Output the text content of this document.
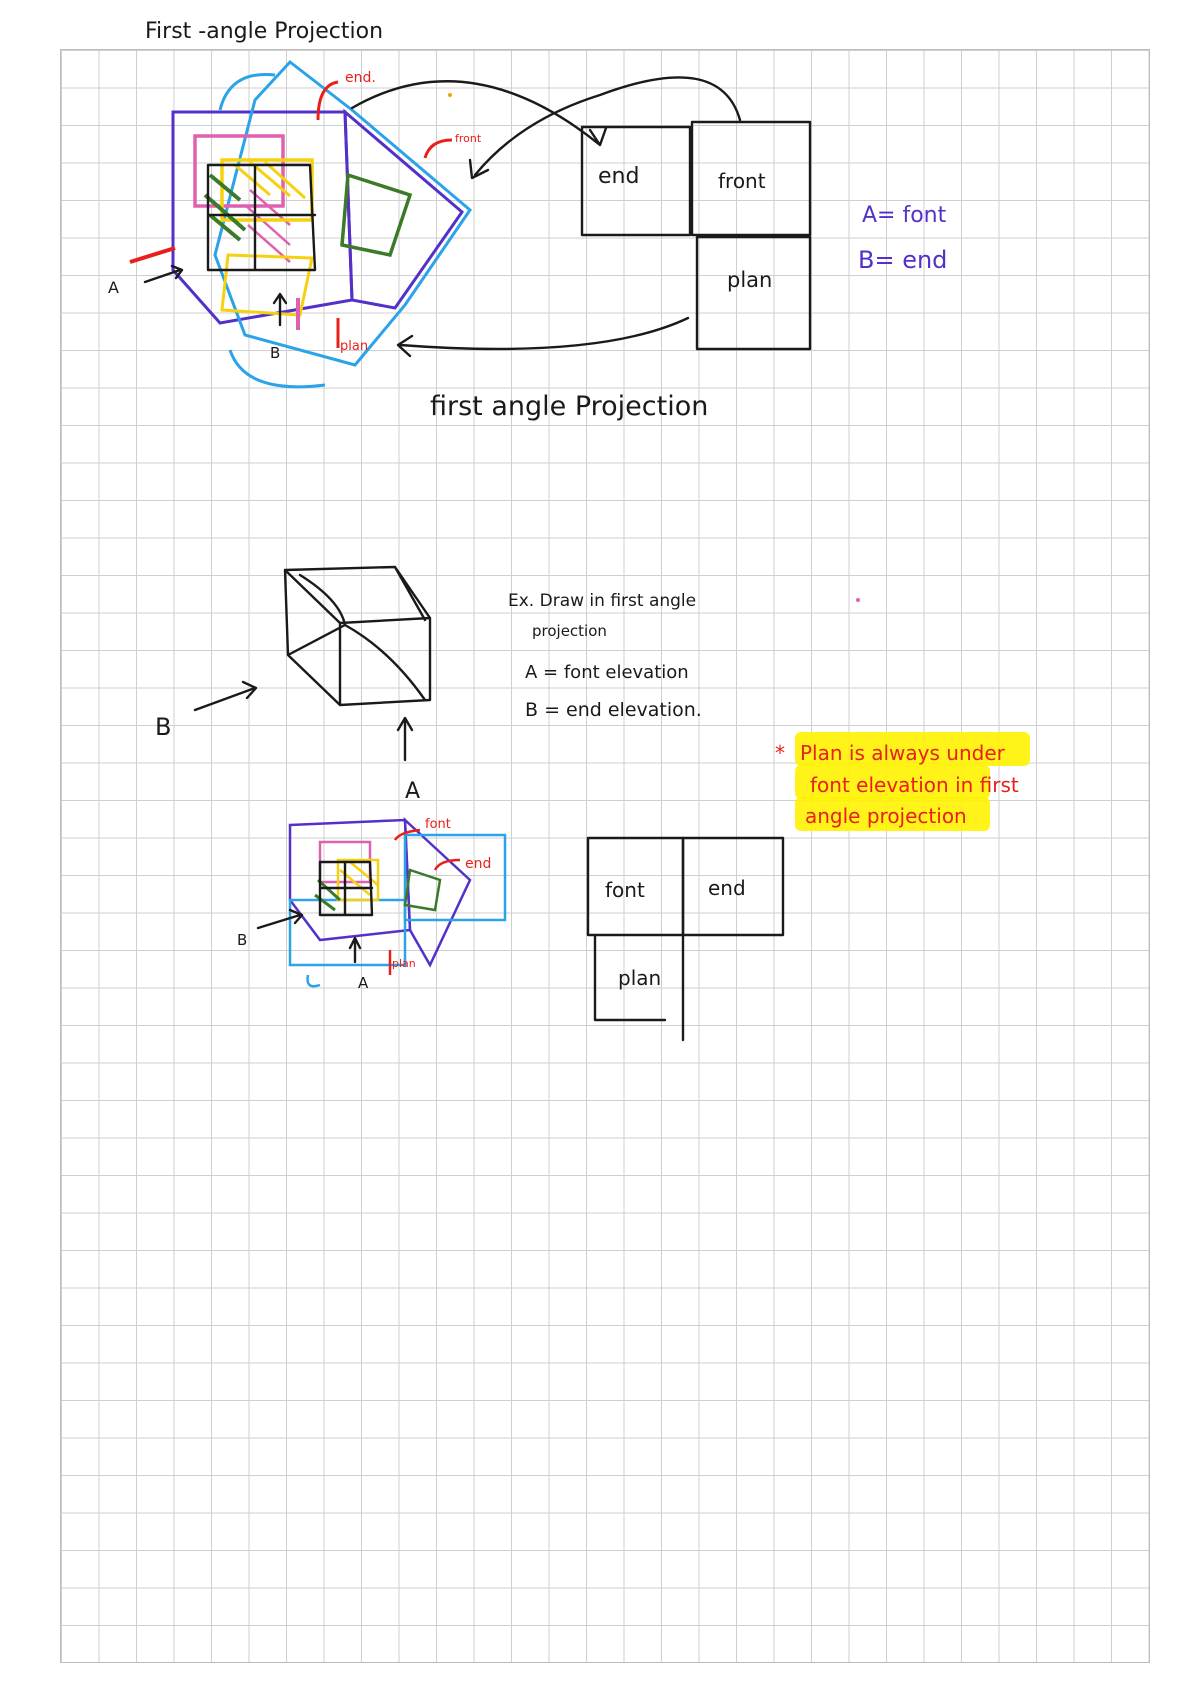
First -angle Projection
end.
front
plan
A
B
end	front
plan
first angle Projection
A= font
B= end
B
A
Ex. Draw in first angle
projection
A = font elevation
B = end elevation.
font
end
plan
A
B
font	end
plan
* Plan is always under
font elevation in first
angle projection
